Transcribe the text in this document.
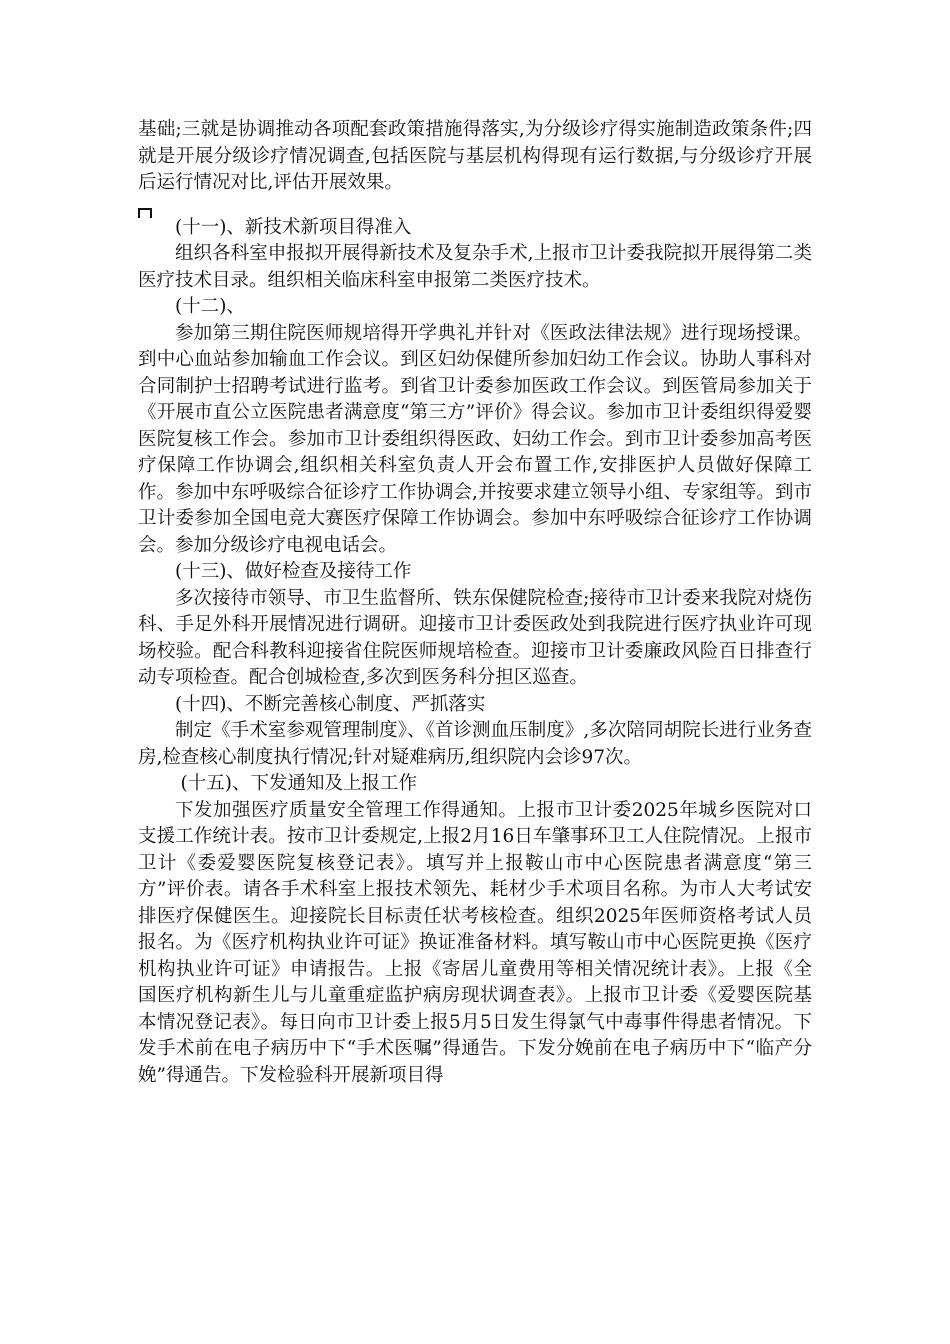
基础;三就是协调推动各项配套政策措施得落实,为分级诊疗得实施制造政策条件;四就是开展分级诊疗情况调查,包括医院与基层机构得现有运行数据,与分级诊疗开展后运行情况对比,评估开展效果。

(十一)、新技术新项目得准入

组织各科室申报拟开展得新技术及复杂手术,上报市卫计委我院拟开展得第二类医疗技术目录。组织相关临床科室申报第二类医疗技术。

(十二)、

参加第三期住院医师规培得开学典礼并针对《医政法律法规》进行现场授课。到中心血站参加输血工作会议。到区妇幼保健所参加妇幼工作会议。协助人事科对合同制护士招聘考试进行监考。到省卫计委参加医政工作会议。到医管局参加关于《开展市直公立医院患者满意度“第三方”评价》得会议。参加市卫计委组织得爱婴医院复核工作会。参加市卫计委组织得医政、妇幼工作会。到市卫计委参加高考医疗保障工作协调会,组织相关科室负责人开会布置工作,安排医护人员做好保障工作。参加中东呼吸综合征诊疗工作协调会,并按要求建立领导小组、专家组等。到市卫计委参加全国电竞大赛医疗保障工作协调会。参加中东呼吸综合征诊疗工作协调会。参加分级诊疗电视电话会。

(十三)、做好检查及接待工作

多次接待市领导、市卫生监督所、铁东保健院检查;接待市卫计委来我院对烧伤科、手足外科开展情况进行调研。迎接市卫计委医政处到我院进行医疗执业许可现场校验。配合科教科迎接省住院医师规培检查。迎接市卫计委廉政风险百日排查行动专项检查。配合创城检查,多次到医务科分担区巡查。

(十四)、不断完善核心制度、严抓落实

制定《手术室参观管理制度》、《首诊测血压制度》,多次陪同胡院长进行业务查房,检查核心制度执行情况;针对疑难病历,组织院内会诊97次。

(十五)、下发通知及上报工作

下发加强医疗质量安全管理工作得通知。上报市卫计委2025年城乡医院对口支援工作统计表。按市卫计委规定,上报2月16日车肇事环卫工人住院情况。上报市卫计《委爱婴医院复核登记表》。填写并上报鞍山市中心医院患者满意度“第三方”评价表。请各手术科室上报技术领先、耗材少手术项目名称。为市人大考试安排医疗保健医生。迎接院长目标责任状考核检查。组织2025年医师资格考试人员报名。为《医疗机构执业许可证》换证准备材料。填写鞍山市中心医院更换《医疗机构执业许可证》申请报告。上报《寄居儿童费用等相关情况统计表》。上报《全国医疗机构新生儿与儿童重症监护病房现状调查表》。上报市卫计委《爱婴医院基本情况登记表》。每日向市卫计委上报5月5日发生得氯气中毒事件得患者情况。下发手术前在电子病历中下“手术医嘱”得通告。下发分娩前在电子病历中下“临产分娩”得通告。下发检验科开展新项目得
